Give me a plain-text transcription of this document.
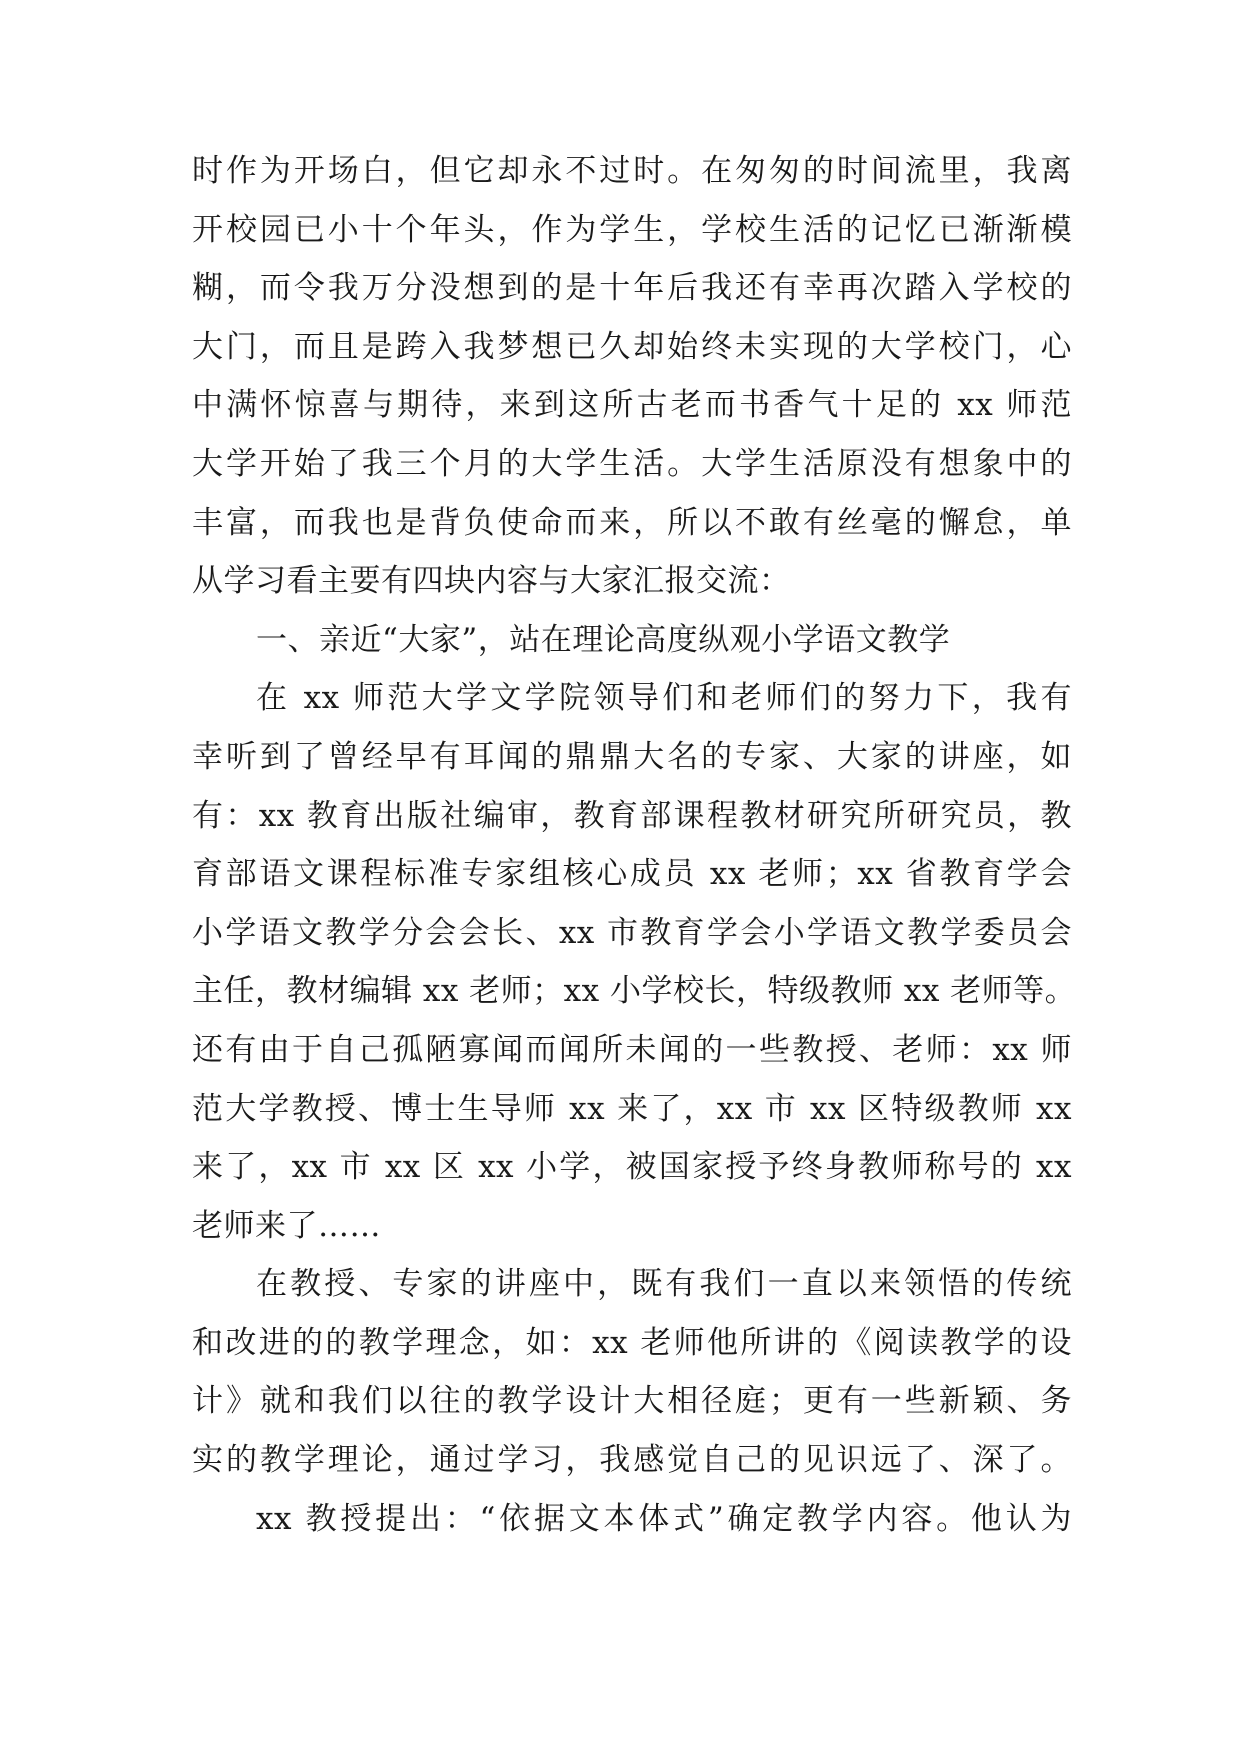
时作为开场白，但它却永不过时。在匆匆的时间流里，我离
开校园已小十个年头，作为学生，学校生活的记忆已渐渐模
糊，而令我万分没想到的是十年后我还有幸再次踏入学校的
大门，而且是跨入我梦想已久却始终未实现的大学校门，心
中满怀惊喜与期待，来到这所古老而书香气十足的 xx 师范
大学开始了我三个月的大学生活。大学生活原没有想象中的
丰富，而我也是背负使命而来，所以不敢有丝毫的懈怠，单
从学习看主要有四块内容与大家汇报交流：
一、亲近“大家”，站在理论高度纵观小学语文教学
在 xx 师范大学文学院领导们和老师们的努力下，我有
幸听到了曾经早有耳闻的鼎鼎大名的专家、大家的讲座，如
有：xx 教育出版社编审，教育部课程教材研究所研究员，教
育部语文课程标准专家组核心成员 xx 老师；xx 省教育学会
小学语文教学分会会长、xx 市教育学会小学语文教学委员会
主任，教材编辑 xx 老师；xx 小学校长，特级教师 xx 老师等。
还有由于自己孤陋寡闻而闻所未闻的一些教授、老师：xx 师
范大学教授、博士生导师 xx 来了，xx 市 xx 区特级教师 xx
来了，xx 市 xx 区 xx 小学，被国家授予终身教师称号的 xx
老师来了……
在教授、专家的讲座中，既有我们一直以来领悟的传统
和改进的的教学理念，如：xx 老师他所讲的《阅读教学的设
计》就和我们以往的教学设计大相径庭；更有一些新颖、务
实的教学理论，通过学习，我感觉自己的见识远了、深了。
xx 教授提出：“依据文本体式”确定教学内容。他认为
